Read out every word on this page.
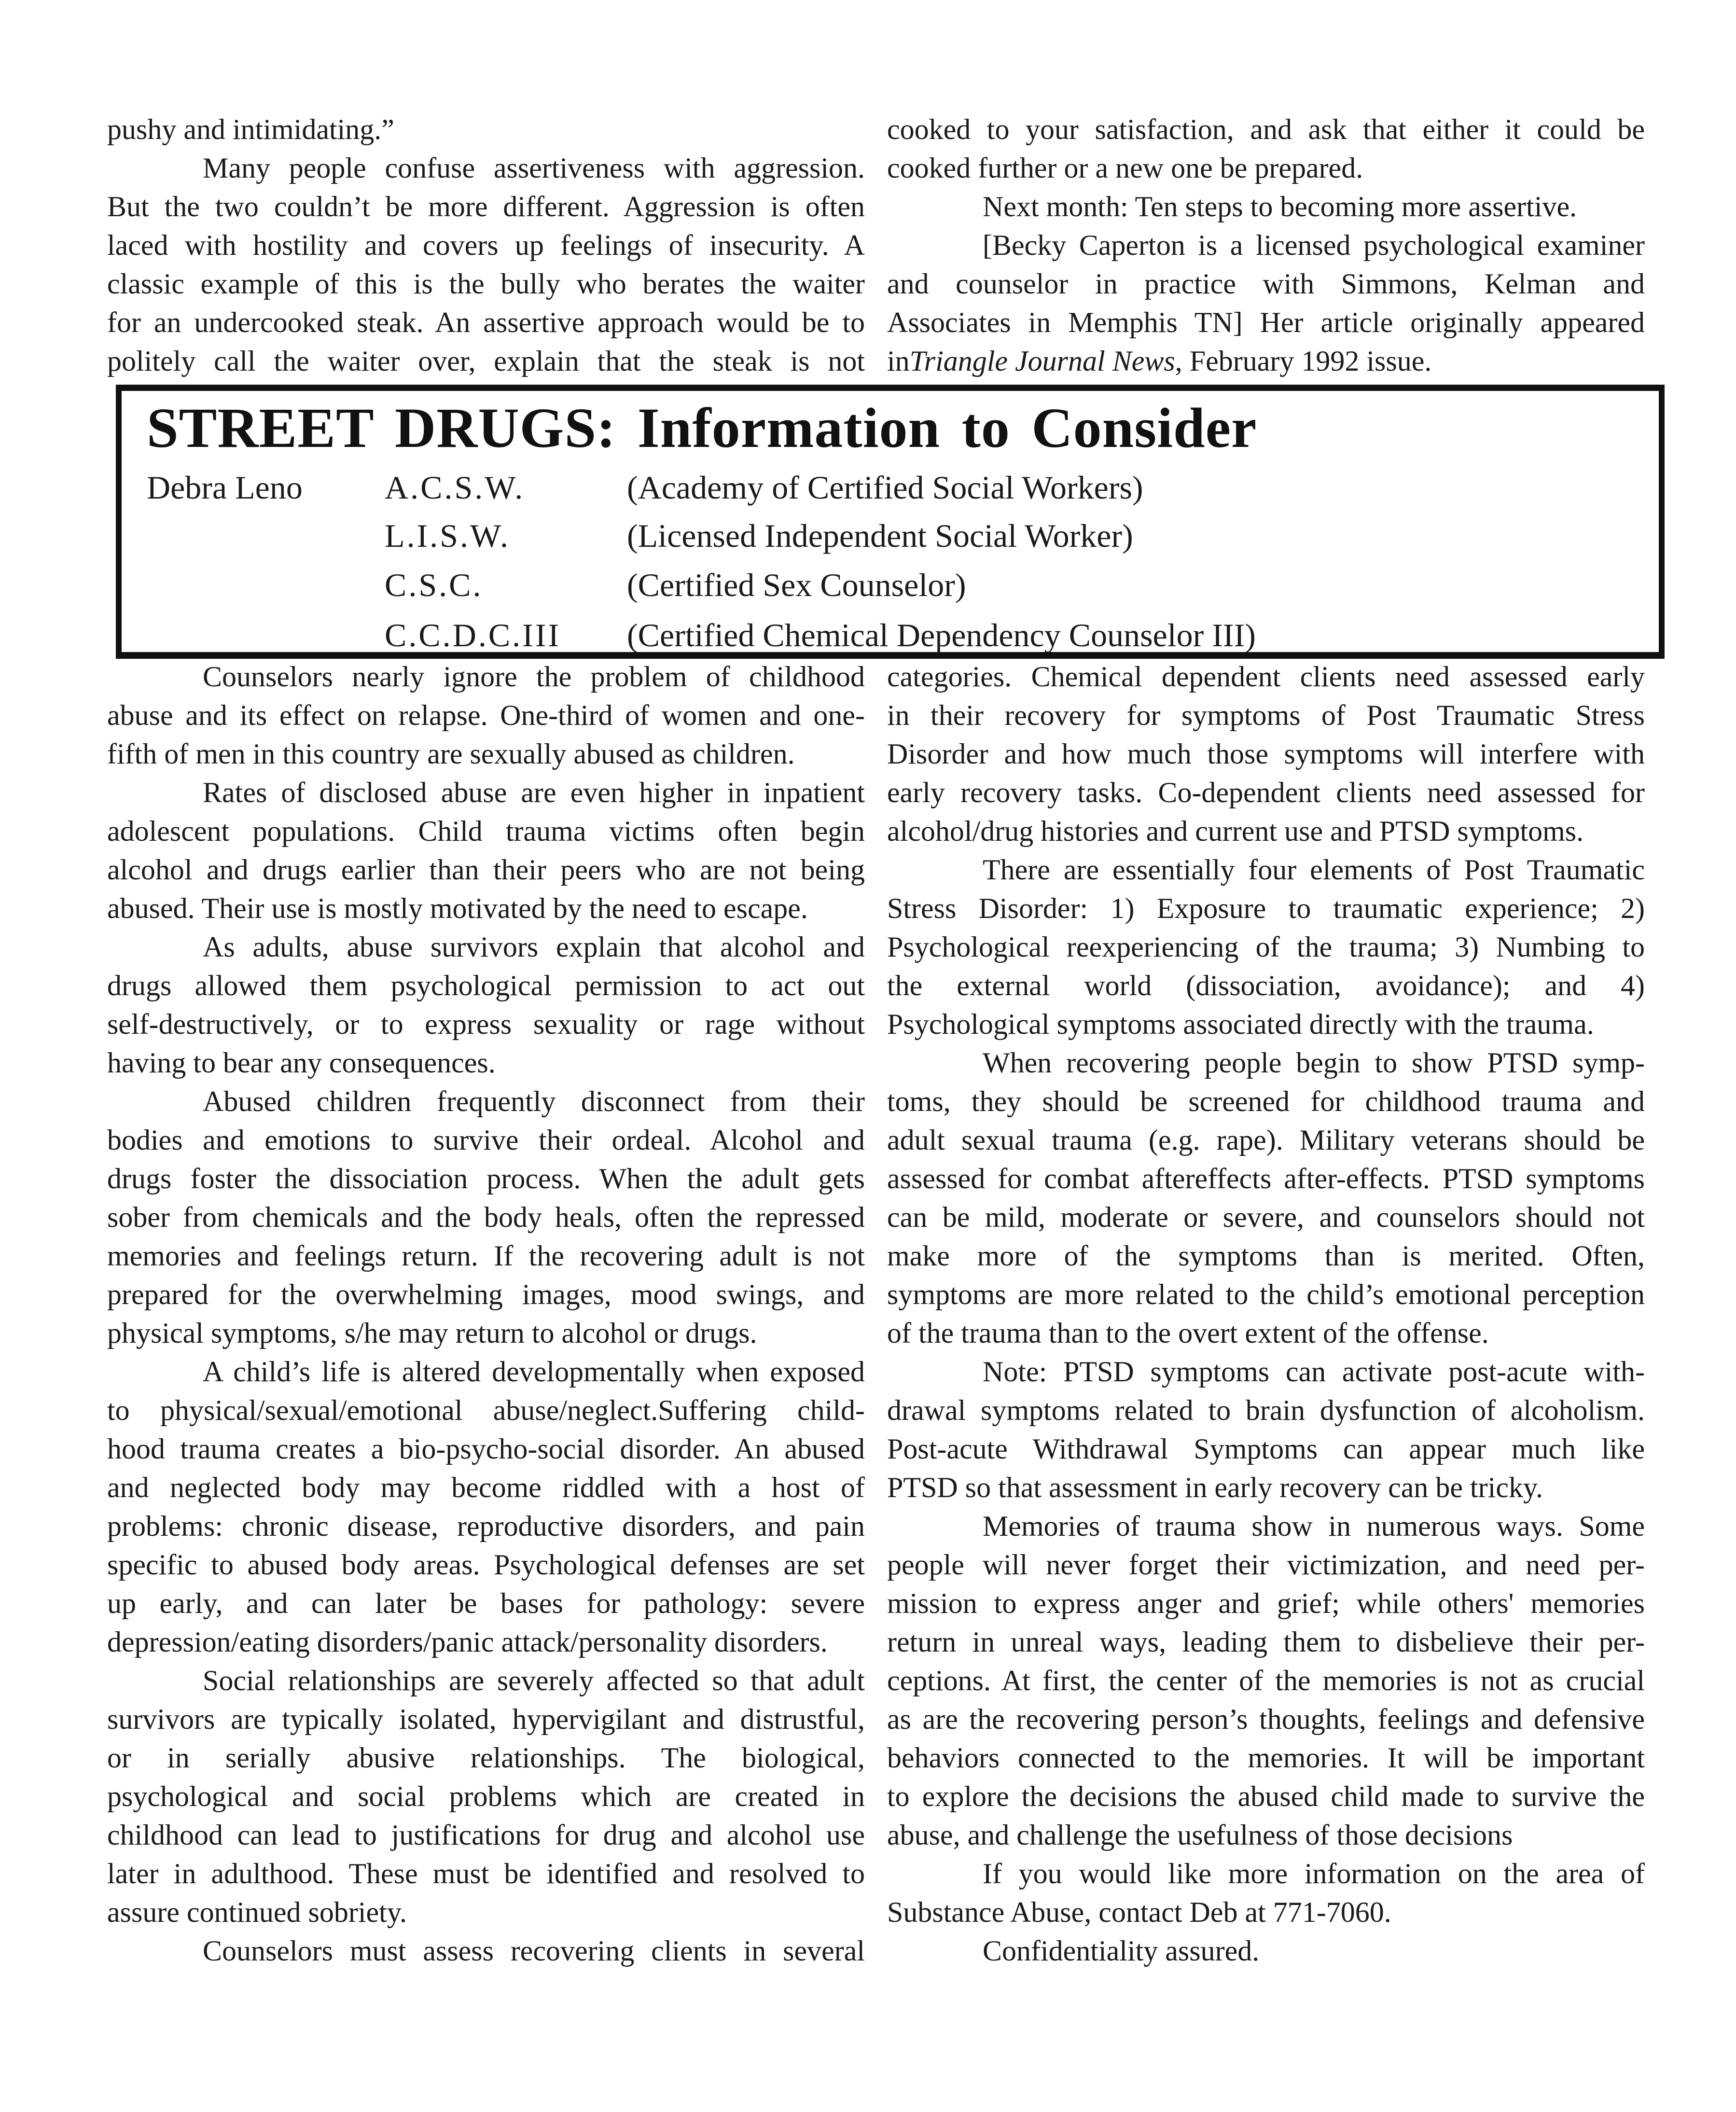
pushy and intimidating.”
Many people confuse assertiveness with aggression.
But the two couldn’t be more different. Aggression is often
laced with hostility and covers up feelings of insecurity. A
classic example of this is the bully who berates the waiter
for an undercooked steak. An assertive approach would be to
politely call the waiter over, explain that the steak is not
cooked to your satisfaction, and ask that either it could be
cooked further or a new one be prepared.
Next month: Ten steps to becoming more assertive.
[Becky Caperton is a licensed psychological examiner
and counselor in practice with Simmons, Kelman and
Associates in Memphis TN] Her article originally appeared
inTriangle Journal News, February 1992 issue.
STREET DRUGS: Information to Consider
Debra Leno	A.C.S.W.	(Academy of Certified Social Workers)
L.I.S.W.	(Licensed Independent Social Worker)
C.S.C.	(Certified Sex Counselor)
C.C.D.C.III (Certified Chemical Dependency Counselor III)
Counselors nearly ignore the problem of childhood
abuse and its effect on relapse. One-third of women and one-
fifth of men in this country are sexually abused as children.
Rates of disclosed abuse are even higher in inpatient
adolescent populations. Child trauma victims often begin
alcohol and drugs earlier than their peers who are not being
abused. Their use is mostly motivated by the need to escape.
As adults, abuse survivors explain that alcohol and
drugs allowed them psychological permission to act out
self-destructively, or to express sexuality or rage without
having to bear any consequences.
Abused children frequently disconnect from their
bodies and emotions to survive their ordeal. Alcohol and
drugs foster the dissociation process. When the adult gets
sober from chemicals and the body heals, often the repressed
memories and feelings return. If the recovering adult is not
prepared for the overwhelming images, mood swings, and
physical symptoms, s/he may return to alcohol or drugs.
A child’s life is altered developmentally when exposed
to physical/sexual/emotional abuse/neglect.Suffering child-
hood trauma creates a bio-psycho-social disorder. An abused
and neglected body may become riddled with a host of
problems: chronic disease, reproductive disorders, and pain
specific to abused body areas. Psychological defenses are set
up early, and can later be bases for pathology: severe
depression/eating disorders/panic attack/personality disorders.
Social relationships are severely affected so that adult
survivors are typically isolated, hypervigilant and distrustful,
or in serially abusive relationships. The biological,
psychological and social problems which are created in
childhood can lead to justifications for drug and alcohol use
later in adulthood. These must be identified and resolved to
assure continued sobriety.
Counselors must assess recovering clients in several
categories. Chemical dependent clients need assessed early
in their recovery for symptoms of Post Traumatic Stress
Disorder and how much those symptoms will interfere with
early recovery tasks. Co-dependent clients need assessed for
alcohol/drug histories and current use and PTSD symptoms.
There are essentially four elements of Post Traumatic
Stress Disorder: 1) Exposure to traumatic experience; 2)
Psychological reexperiencing of the trauma; 3) Numbing to
the external world (dissociation, avoidance); and 4)
Psychological symptoms associated directly with the trauma.
When recovering people begin to show PTSD symp-
toms, they should be screened for childhood trauma and
adult sexual trauma (e.g. rape). Military veterans should be
assessed for combat aftereffects after-effects. PTSD symptoms
can be mild, moderate or severe, and counselors should not
make more of the symptoms than is merited. Often,
symptoms are more related to the child’s emotional perception
of the trauma than to the overt extent of the offense.
Note: PTSD symptoms can activate post-acute with-
drawal symptoms related to brain dysfunction of alcoholism.
Post-acute Withdrawal Symptoms can appear much like
PTSD so that assessment in early recovery can be tricky.
Memories of trauma show in numerous ways. Some
people will never forget their victimization, and need per-
mission to express anger and grief; while others' memories
return in unreal ways, leading them to disbelieve their per-
ceptions. At first, the center of the memories is not as crucial
as are the recovering person’s thoughts, feelings and defensive
behaviors connected to the memories. It will be important
to explore the decisions the abused child made to survive the
abuse, and challenge the usefulness of those decisions
If you would like more information on the area of
Substance Abuse, contact Deb at 771-7060.
Confidentiality assured.
